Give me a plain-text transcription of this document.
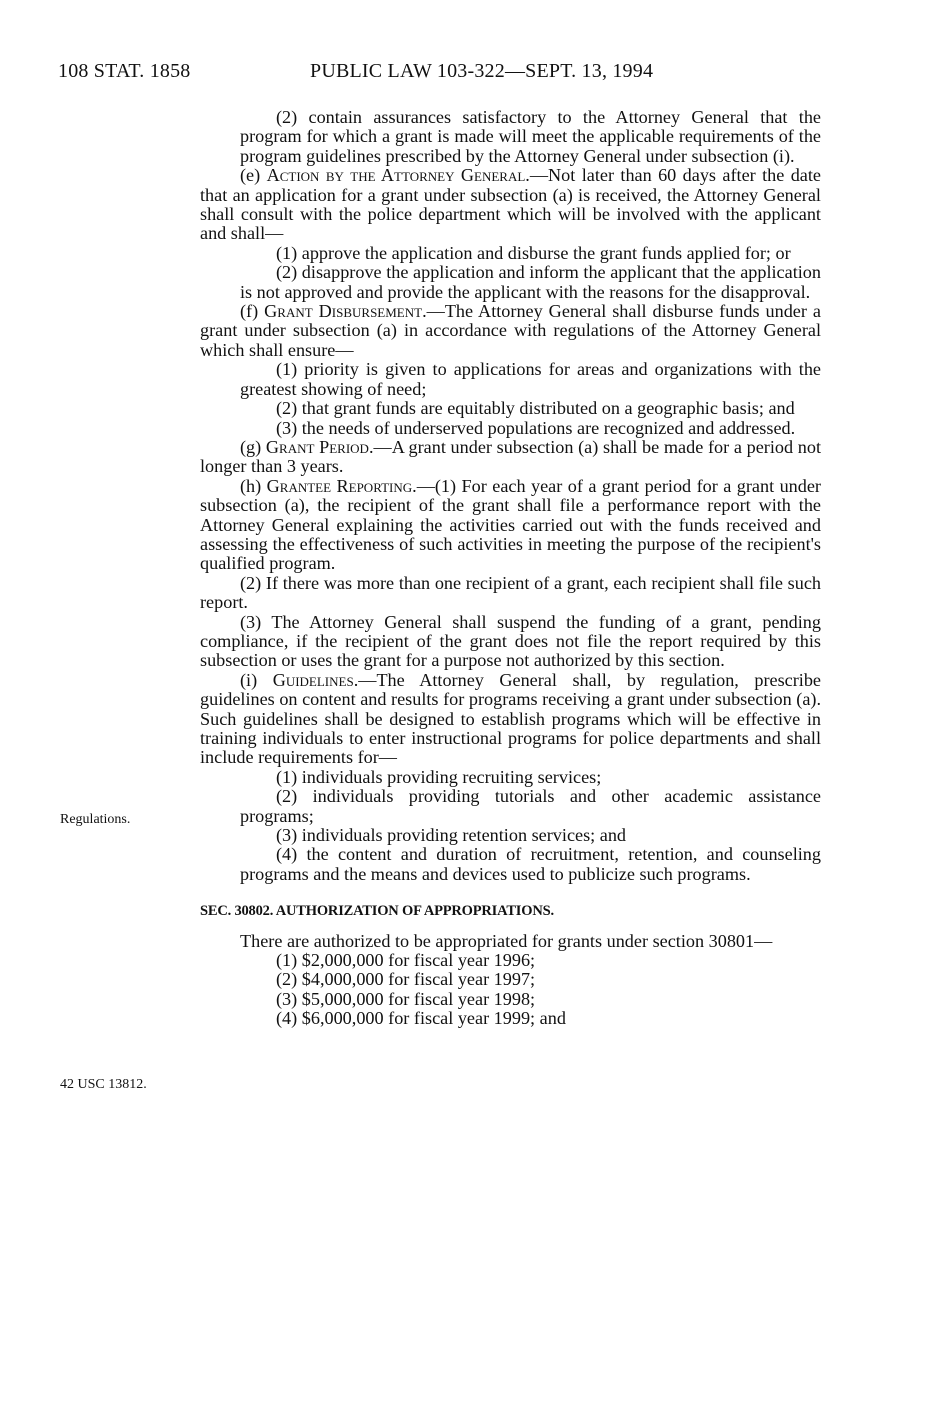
108 STAT. 1858	PUBLIC LAW 103-322—SEPT. 13, 1994
Regulations.
42 USC 13812.

(2) contain assurances satisfactory to the Attorney General that the program for which a grant is made will meet the applicable requirements of the program guidelines prescribed by the Attorney General under subsection (i).

(e) Action by the Attorney General.—Not later than 60 days after the date that an application for a grant under subsection (a) is received, the Attorney General shall consult with the police department which will be involved with the applicant and shall—

(1) approve the application and disburse the grant funds applied for; or

(2) disapprove the application and inform the applicant that the application is not approved and provide the applicant with the reasons for the disapproval.

(f) Grant Disbursement.—The Attorney General shall disburse funds under a grant under subsection (a) in accordance with regulations of the Attorney General which shall ensure—

(1) priority is given to applications for areas and organizations with the greatest showing of need;

(2) that grant funds are equitably distributed on a geographic basis; and

(3) the needs of underserved populations are recognized and addressed.

(g) Grant Period.—A grant under subsection (a) shall be made for a period not longer than 3 years.

(h) Grantee Reporting.—(1) For each year of a grant period for a grant under subsection (a), the recipient of the grant shall file a performance report with the Attorney General explaining the activities carried out with the funds received and assessing the effectiveness of such activities in meeting the purpose of the recipient's qualified program.

(2) If there was more than one recipient of a grant, each recipient shall file such report.

(3) The Attorney General shall suspend the funding of a grant, pending compliance, if the recipient of the grant does not file the report required by this subsection or uses the grant for a purpose not authorized by this section.

(i) Guidelines.—The Attorney General shall, by regulation, prescribe guidelines on content and results for programs receiving a grant under subsection (a). Such guidelines shall be designed to establish programs which will be effective in training individuals to enter instructional programs for police departments and shall include requirements for—

(1) individuals providing recruiting services;

(2) individuals providing tutorials and other academic assistance programs;

(3) individuals providing retention services; and

(4) the content and duration of recruitment, retention, and counseling programs and the means and devices used to publicize such programs.

SEC. 30802. AUTHORIZATION OF APPROPRIATIONS.

There are authorized to be appropriated for grants under section 30801—

(1) $2,000,000 for fiscal year 1996;

(2) $4,000,000 for fiscal year 1997;

(3) $5,000,000 for fiscal year 1998;

(4) $6,000,000 for fiscal year 1999; and
